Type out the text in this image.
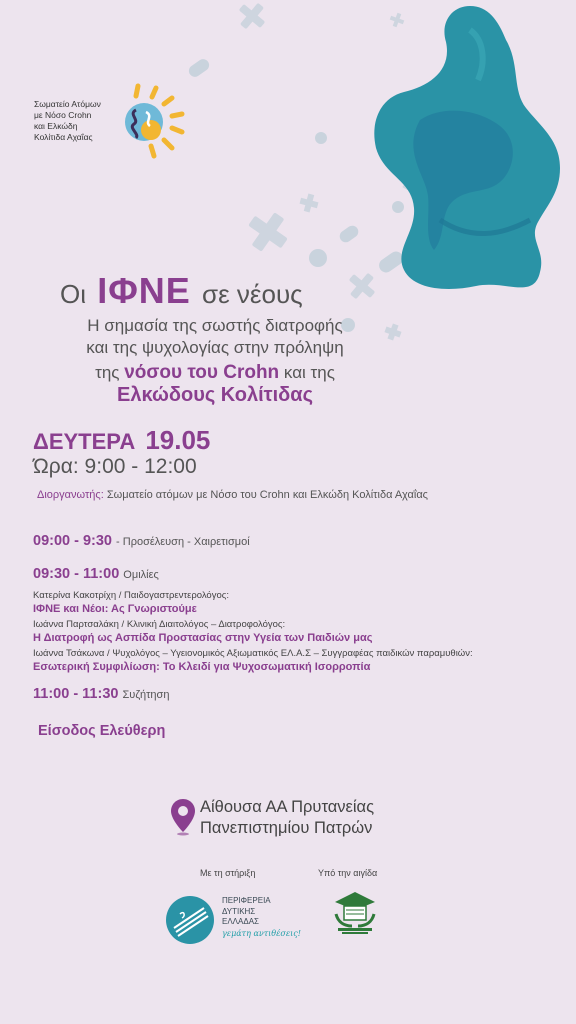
Σωματείο Ατόμων
με Νόσο Crohn
και Ελκώδη
Κολίτιδα Αχαΐας
Οι ΙΦΝΕ σε νέους
Η σημασία της σωστής διατροφής
και της ψυχολογίας στην πρόληψη
της νόσου του Crohn και της
Ελκώδους Κολίτιδας
ΔΕΥΤΕΡΑ 19.05
Ώρα: 9:00 - 12:00
Διοργανωτής: Σωματείο ατόμων με Νόσο του Crohn και Ελκώδη Κολίτιδα Αχαΐας
09:00 - 9:30 - Προσέλευση - Χαιρετισμοί
09:30 - 11:00 Ομιλίες
Κατερίνα Κακοτρίχη / Παιδογαστρεντερολόγος:
ΙΦΝΕ και Νέοι: Ας Γνωριστούμε
Ιωάννα Παρτσαλάκη / Κλινική Διαιτολόγος – Διατροφολόγος:
Η Διατροφή ως Ασπίδα Προστασίας στην Υγεία των Παιδιών μας
Ιωάννα Τσάκωνα / Ψυχολόγος – Υγειονομικός Αξιωματικός ΕΛ.Α.Σ – Συγγραφέας παιδικών παραμυθιών:
Εσωτερική Συμφιλίωση: Το Κλειδί για Ψυχοσωματική Ισορροπία
11:00 - 11:30 Συζήτηση
Είσοδος Ελεύθερη
Αίθουσα ΑΑ Πρυτανείας
Πανεπιστημίου Πατρών
Με τη στήριξη	Υπό την αιγίδα
ΠΕΡΙΦΕΡΕΙΑ
ΔΥΤΙΚΗΣ
ΕΛΛΑΔΑΣ
γεμάτη αντιθέσεις!
